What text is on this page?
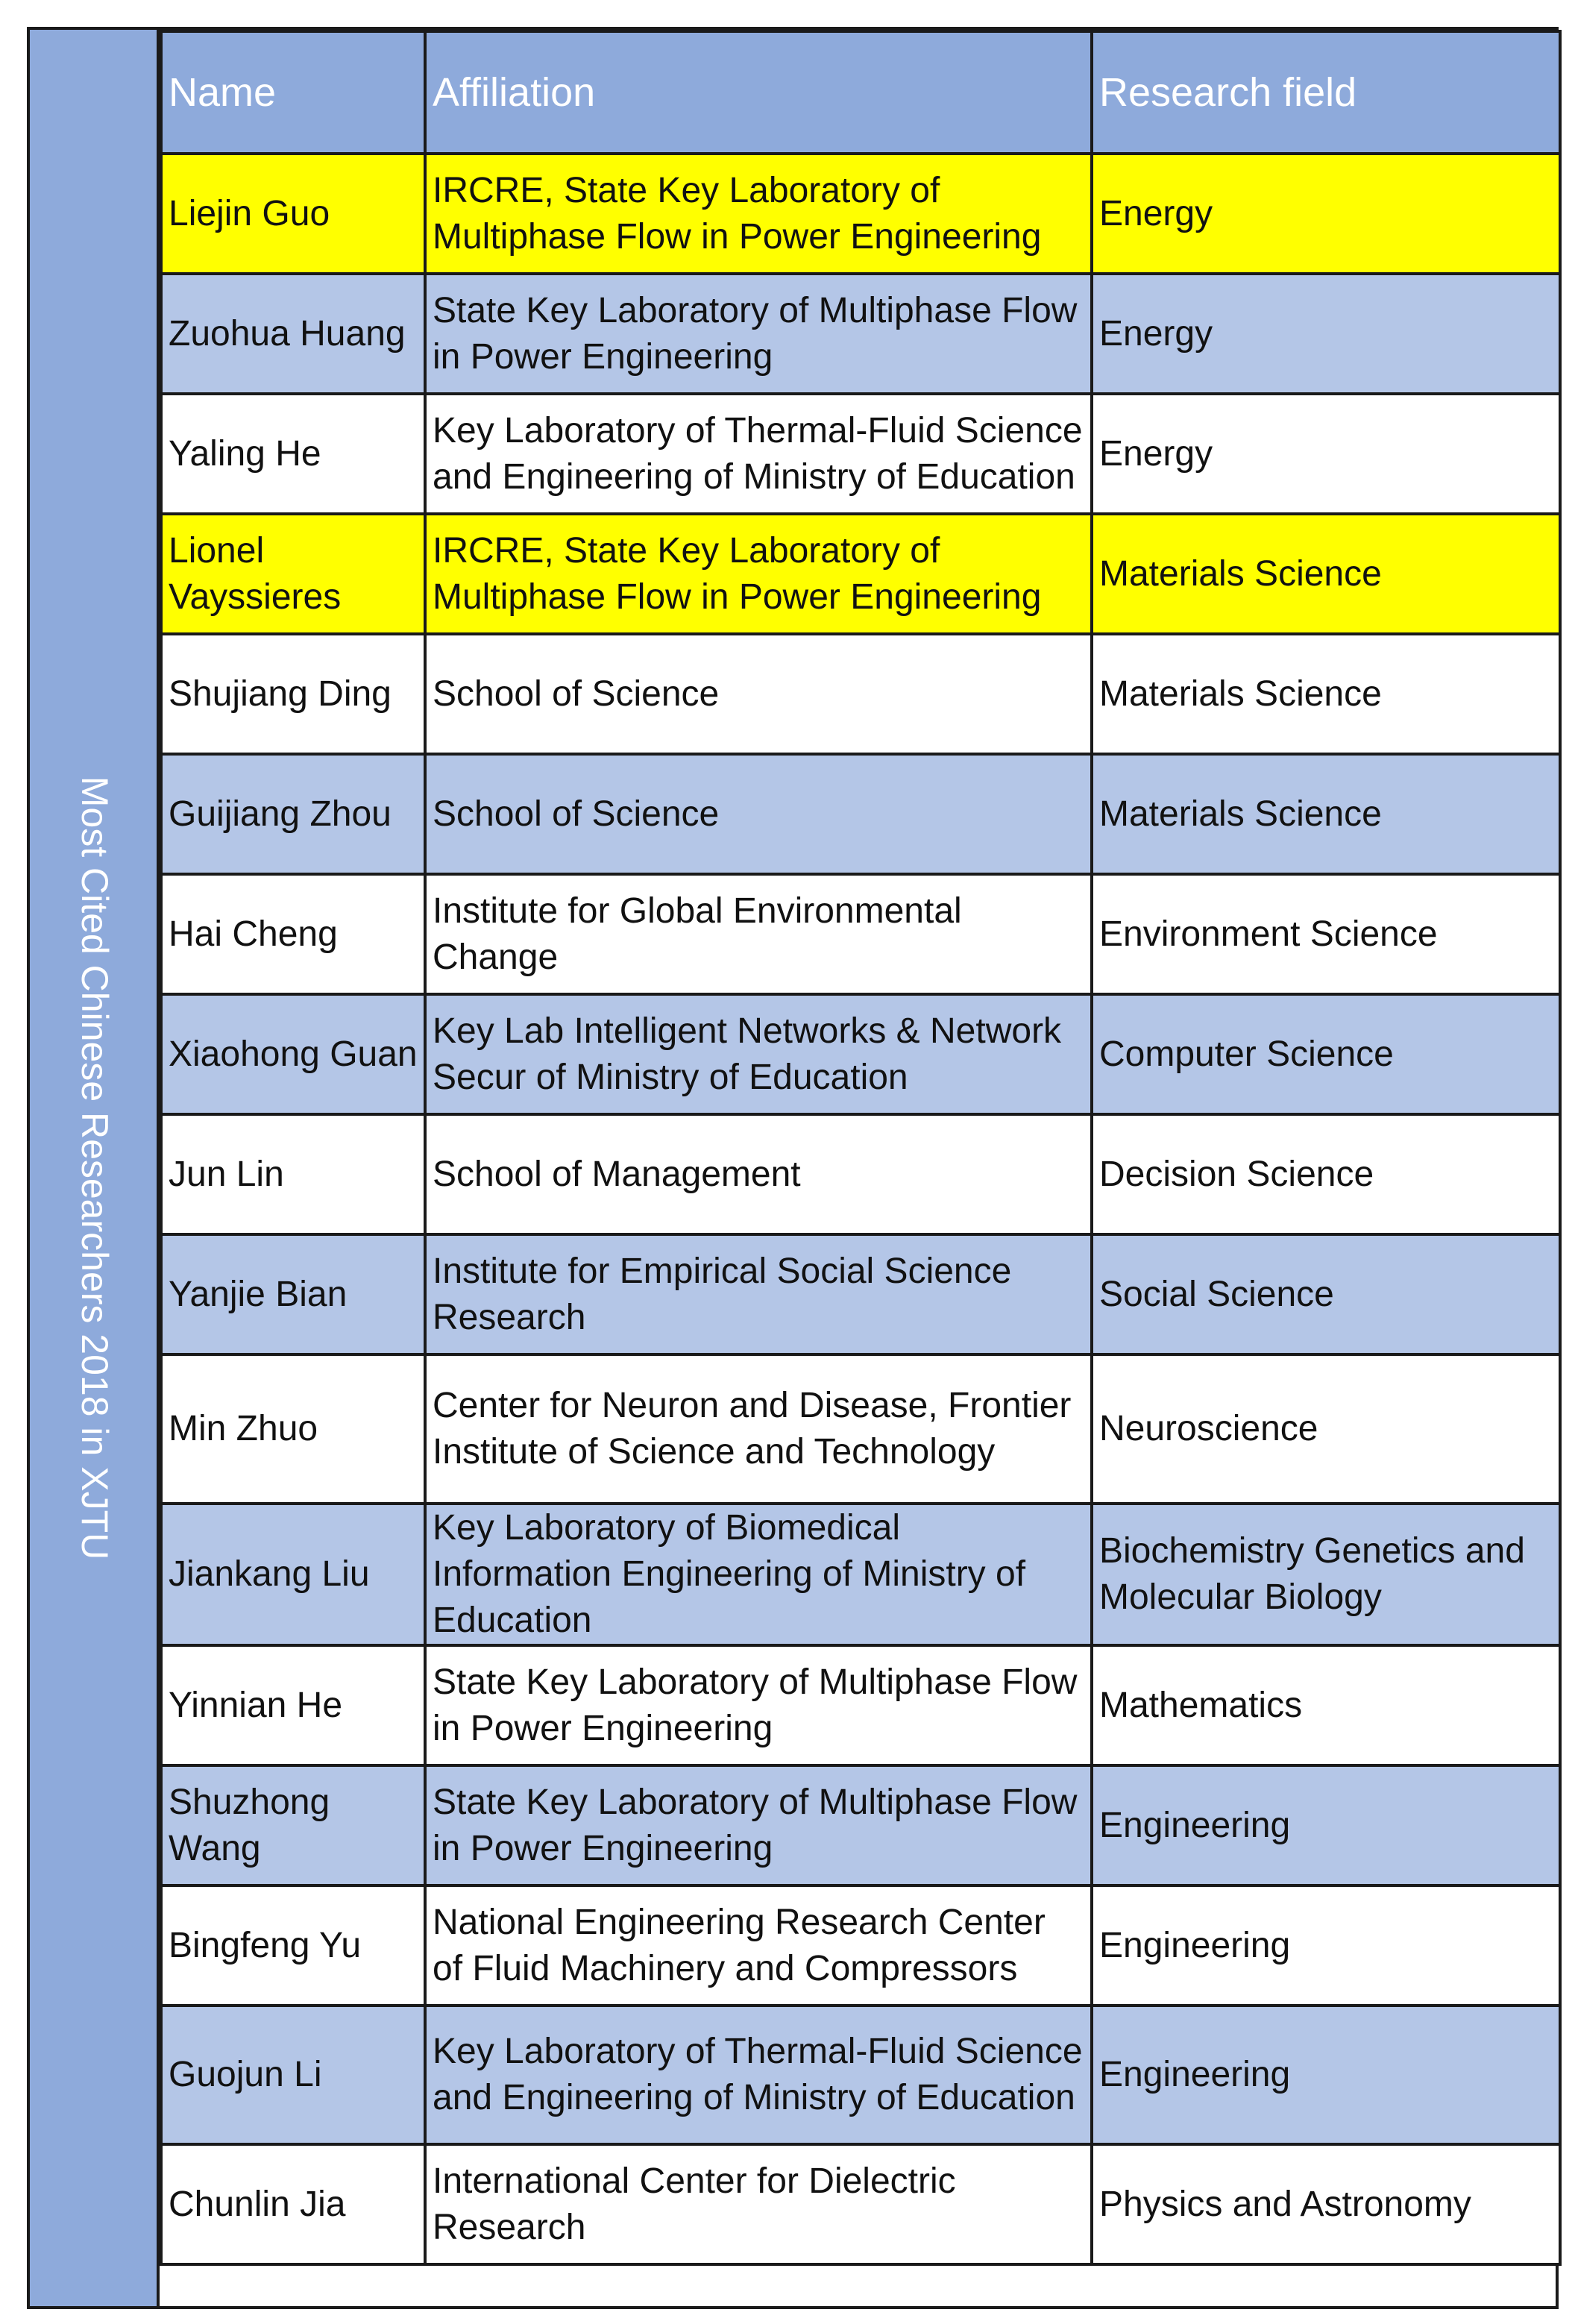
Most Cited Chinese Researchers 2018 in XJTU
Name	Affiliation	Research field
Liejin Guo	IRCRE, State Key Laboratory of Multiphase Flow in Power Engineering	Energy
Zuohua Huang	State Key Laboratory of Multiphase Flow in Power Engineering	Energy
Yaling He	Key Laboratory of Thermal-Fluid Science and Engineering of Ministry of Education	Energy
Lionel Vayssieres	IRCRE, State Key Laboratory of Multiphase Flow in Power Engineering	Materials Science
Shujiang Ding	School of Science	Materials Science
Guijiang Zhou	School of Science	Materials Science
Hai Cheng	Institute for Global Environmental Change	Environment Science
Xiaohong Guan	Key Lab Intelligent Networks & Network Secur of Ministry of Education	Computer Science
Jun Lin	School of Management	Decision Science
Yanjie Bian	Institute for Empirical Social Science Research	Social Science
Min Zhuo	Center for Neuron and Disease, Frontier Institute of Science and Technology	Neuroscience
Jiankang Liu	Key Laboratory of Biomedical Information Engineering of Ministry of Education	Biochemistry Genetics and Molecular Biology
Yinnian He	State Key Laboratory of Multiphase Flow in Power Engineering	Mathematics
Shuzhong Wang	State Key Laboratory of Multiphase Flow in Power Engineering	Engineering
Bingfeng Yu	National Engineering Research Center of Fluid Machinery and Compressors	Engineering
Guojun Li	Key Laboratory of Thermal-Fluid Science and Engineering of Ministry of Education	Engineering
Chunlin Jia	International Center for Dielectric Research	Physics and Astronomy
